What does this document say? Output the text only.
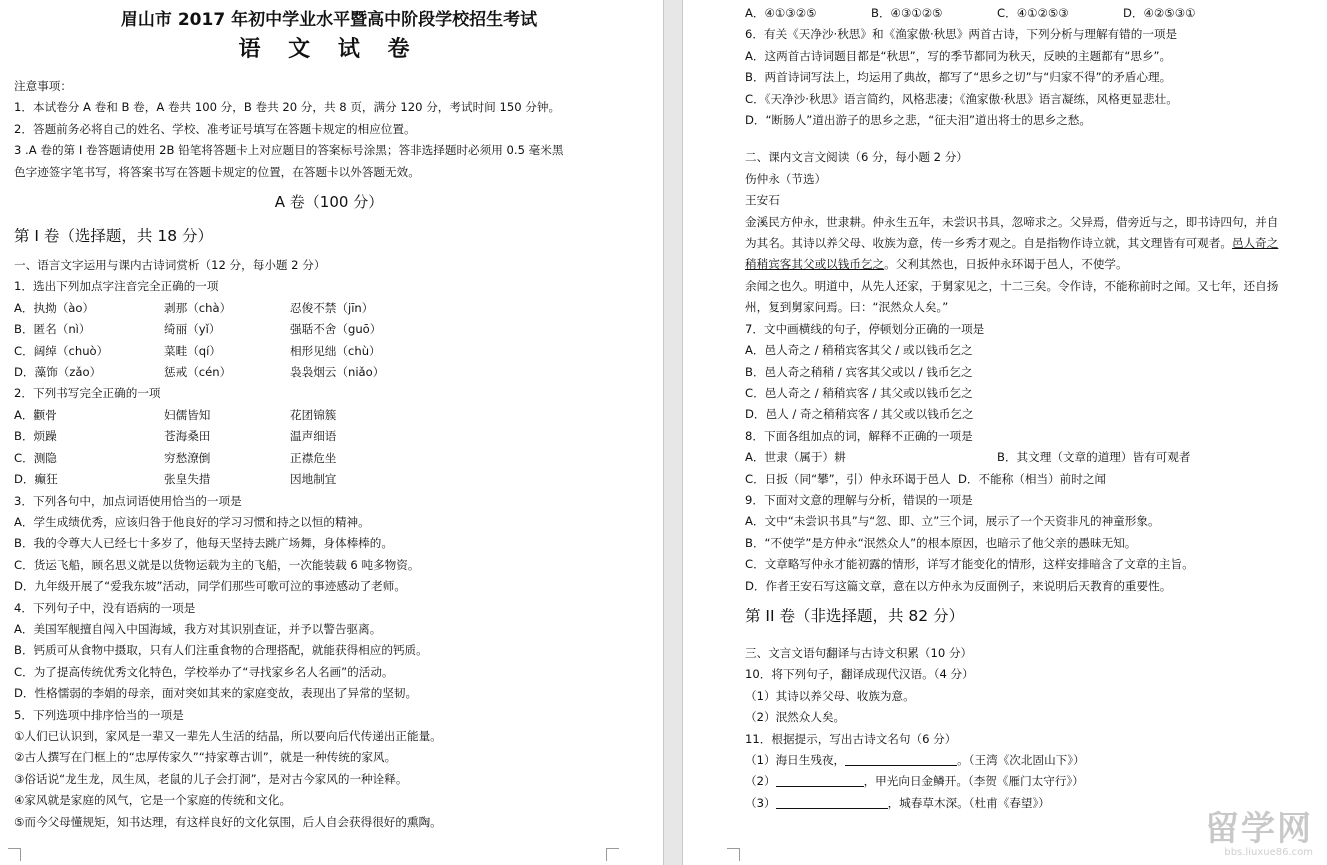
眉山市 2017 年初中学业水平暨高中阶段学校招生考试
语 文 试 卷
注意事项：
1．本试卷分 A 卷和 B 卷，A 卷共 100 分，B 卷共 20 分，共 8 页，满分 120 分，考试时间 150 分钟。
2．答题前务必将自己的姓名、学校、准考证号填写在答题卡规定的相应位置。
3 .A 卷的第 I 卷答题请使用 2B 铅笔将答题卡上对应题目的答案标号涂黑；答非选择题时必须用 0.5 毫米黑
色字迹签字笔书写，将答案书写在答题卡规定的位置，在答题卡以外答题无效。
A 卷（100 分）
第 I 卷（选择题，共 18 分）
一、语言文字运用与课内古诗词赏析（12 分，每小题 2 分）
1．选出下列加点字注音完全正确的一项
A．执拗（ào）	剥那（chà）	忍俊不禁（jīn）
B．匿名（nì）	绮丽（yǐ）	强聒不舍（guō）
C．阔绰（chuò）	菜畦（qí）	相形见绌（chù）
D．藻饰（zǎo）	惩戒（cén）	袅袅烟云（niǎo）
2．下列书写完全正确的一项
A．颧骨	妇儒皆知	花团锦簇
B．烦躁	苍海桑田	温声细语
C．测隐	穷愁潦倒	正襟危坐
D．癫狂	张皇失措	因地制宜
3．下列各句中，加点词语使用恰当的一项是
A．学生成绩优秀，应该归咎于他良好的学习习惯和持之以恒的精神。
B．我的令尊大人已经七十多岁了，他每天坚持去跳广场舞，身体棒棒的。
C．货运飞船，顾名思义就是以货物运载为主的飞船，一次能装载 6 吨多物资。
D．九年级开展了“爱我东坡”活动，同学们那些可歌可泣的事迹感动了老师。
4．下列句子中，没有语病的一项是
A．美国军舰擅自闯入中国海域，我方对其识别查证，并予以警告驱离。
B．钙质可从食物中摄取，只有人们注重食物的合理搭配，就能获得相应的钙质。
C．为了提高传统优秀文化特色，学校举办了“寻找家乡名人名画”的活动。
D．性格懦弱的李娟的母亲，面对突如其来的家庭变故，表现出了异常的坚韧。
5．下列选项中排序恰当的一项是
①人们已认识到，家风是一辈又一辈先人生活的结晶，所以要向后代传递出正能量。
②古人撰写在门框上的“忠厚传家久”“持家尊古训”，就是一种传统的家风。
③俗话说“龙生龙，凤生凤，老鼠的儿子会打洞”，是对古今家风的一种诠释。
④家风就是家庭的风气，它是一个家庭的传统和文化。
⑤而今父母懂规矩，知书达理，有这样良好的文化氛围，后人自会获得很好的熏陶。
A．④①③②⑤	B．④③①②⑤	C．④①②⑤③	D．④②⑤③①
6．有关《天净沙·秋思》和《渔家傲·秋思》两首古诗，下列分析与理解有错的一项是
A．这两首古诗词题目都是“秋思”，写的季节都同为秋天，反映的主题都有“思乡”。
B．两首诗词写法上，均运用了典故，都写了“思乡之切”与“归家不得”的矛盾心理。
C．《天净沙·秋思》语言简约，风格悲凄；《渔家傲·秋思》语言凝练，风格更显悲壮。
D．“断肠人”道出游子的思乡之悲，“征夫泪”道出将士的思乡之愁。
二、课内文言文阅读（6 分，每小题 2 分）
伤仲永（节选）
王安石
金溪民方仲永，世隶耕。仲永生五年，未尝识书具，忽啼求之。父异焉，借旁近与之，即书诗四句，并自
为其名。其诗以养父母、收族为意，传一乡秀才观之。自是指物作诗立就，其文理皆有可观者。邑人奇之
稍稍宾客其父或以钱币乞之。父利其然也，日扳仲永环谒于邑人，不使学。
余闻之也久。明道中，从先人还家，于舅家见之，十二三矣。令作诗，不能称前时之闻。又七年，还自扬
州，复到舅家问焉。曰：“泯然众人矣。”
7．文中画横线的句子，停顿划分正确的一项是
A．邑人奇之 / 稍稍宾客其父 / 或以钱币乞之
B．邑人奇之稍稍 / 宾客其父或以 / 钱币乞之
C．邑人奇之 / 稍稍宾客 / 其父或以钱币乞之
D．邑人 / 奇之稍稍宾客 / 其父或以钱币乞之
8．下面各组加点的词，解释不正确的一项是
A．世隶（属于）耕	B．其文理（文章的道理）皆有可观者
C．日扳（同“攀”，引）仲永环谒于邑人 D．不能称（相当）前时之闻
9．下面对文意的理解与分析，错误的一项是
A．文中“未尝识书具”与“忽、即、立”三个词，展示了一个天资非凡的神童形象。
B．“不使学”是方仲永“泯然众人”的根本原因，也暗示了他父亲的愚昧无知。
C．文章略写仲永才能初露的情形，详写才能变化的情形，这样安排暗含了文章的主旨。
D．作者王安石写这篇文章，意在以方仲永为反面例子，来说明后天教育的重要性。
第 II 卷（非选择题，共 82 分）
三、文言文语句翻译与古诗文积累（10 分）
10．将下列句子，翻译成现代汉语。（4 分）
（1）其诗以养父母、收族为意。
（2）泯然众人矣。
11．根据提示，写出古诗文名句（6 分）
（1）海日生残夜，	。（王湾《次北固山下》）
（2）	，甲光向日金鳞开。（李贺《雁门太守行》）
（3）	，城春草木深。（杜甫《春望》）
留学网
bbs.liuxue86.com
